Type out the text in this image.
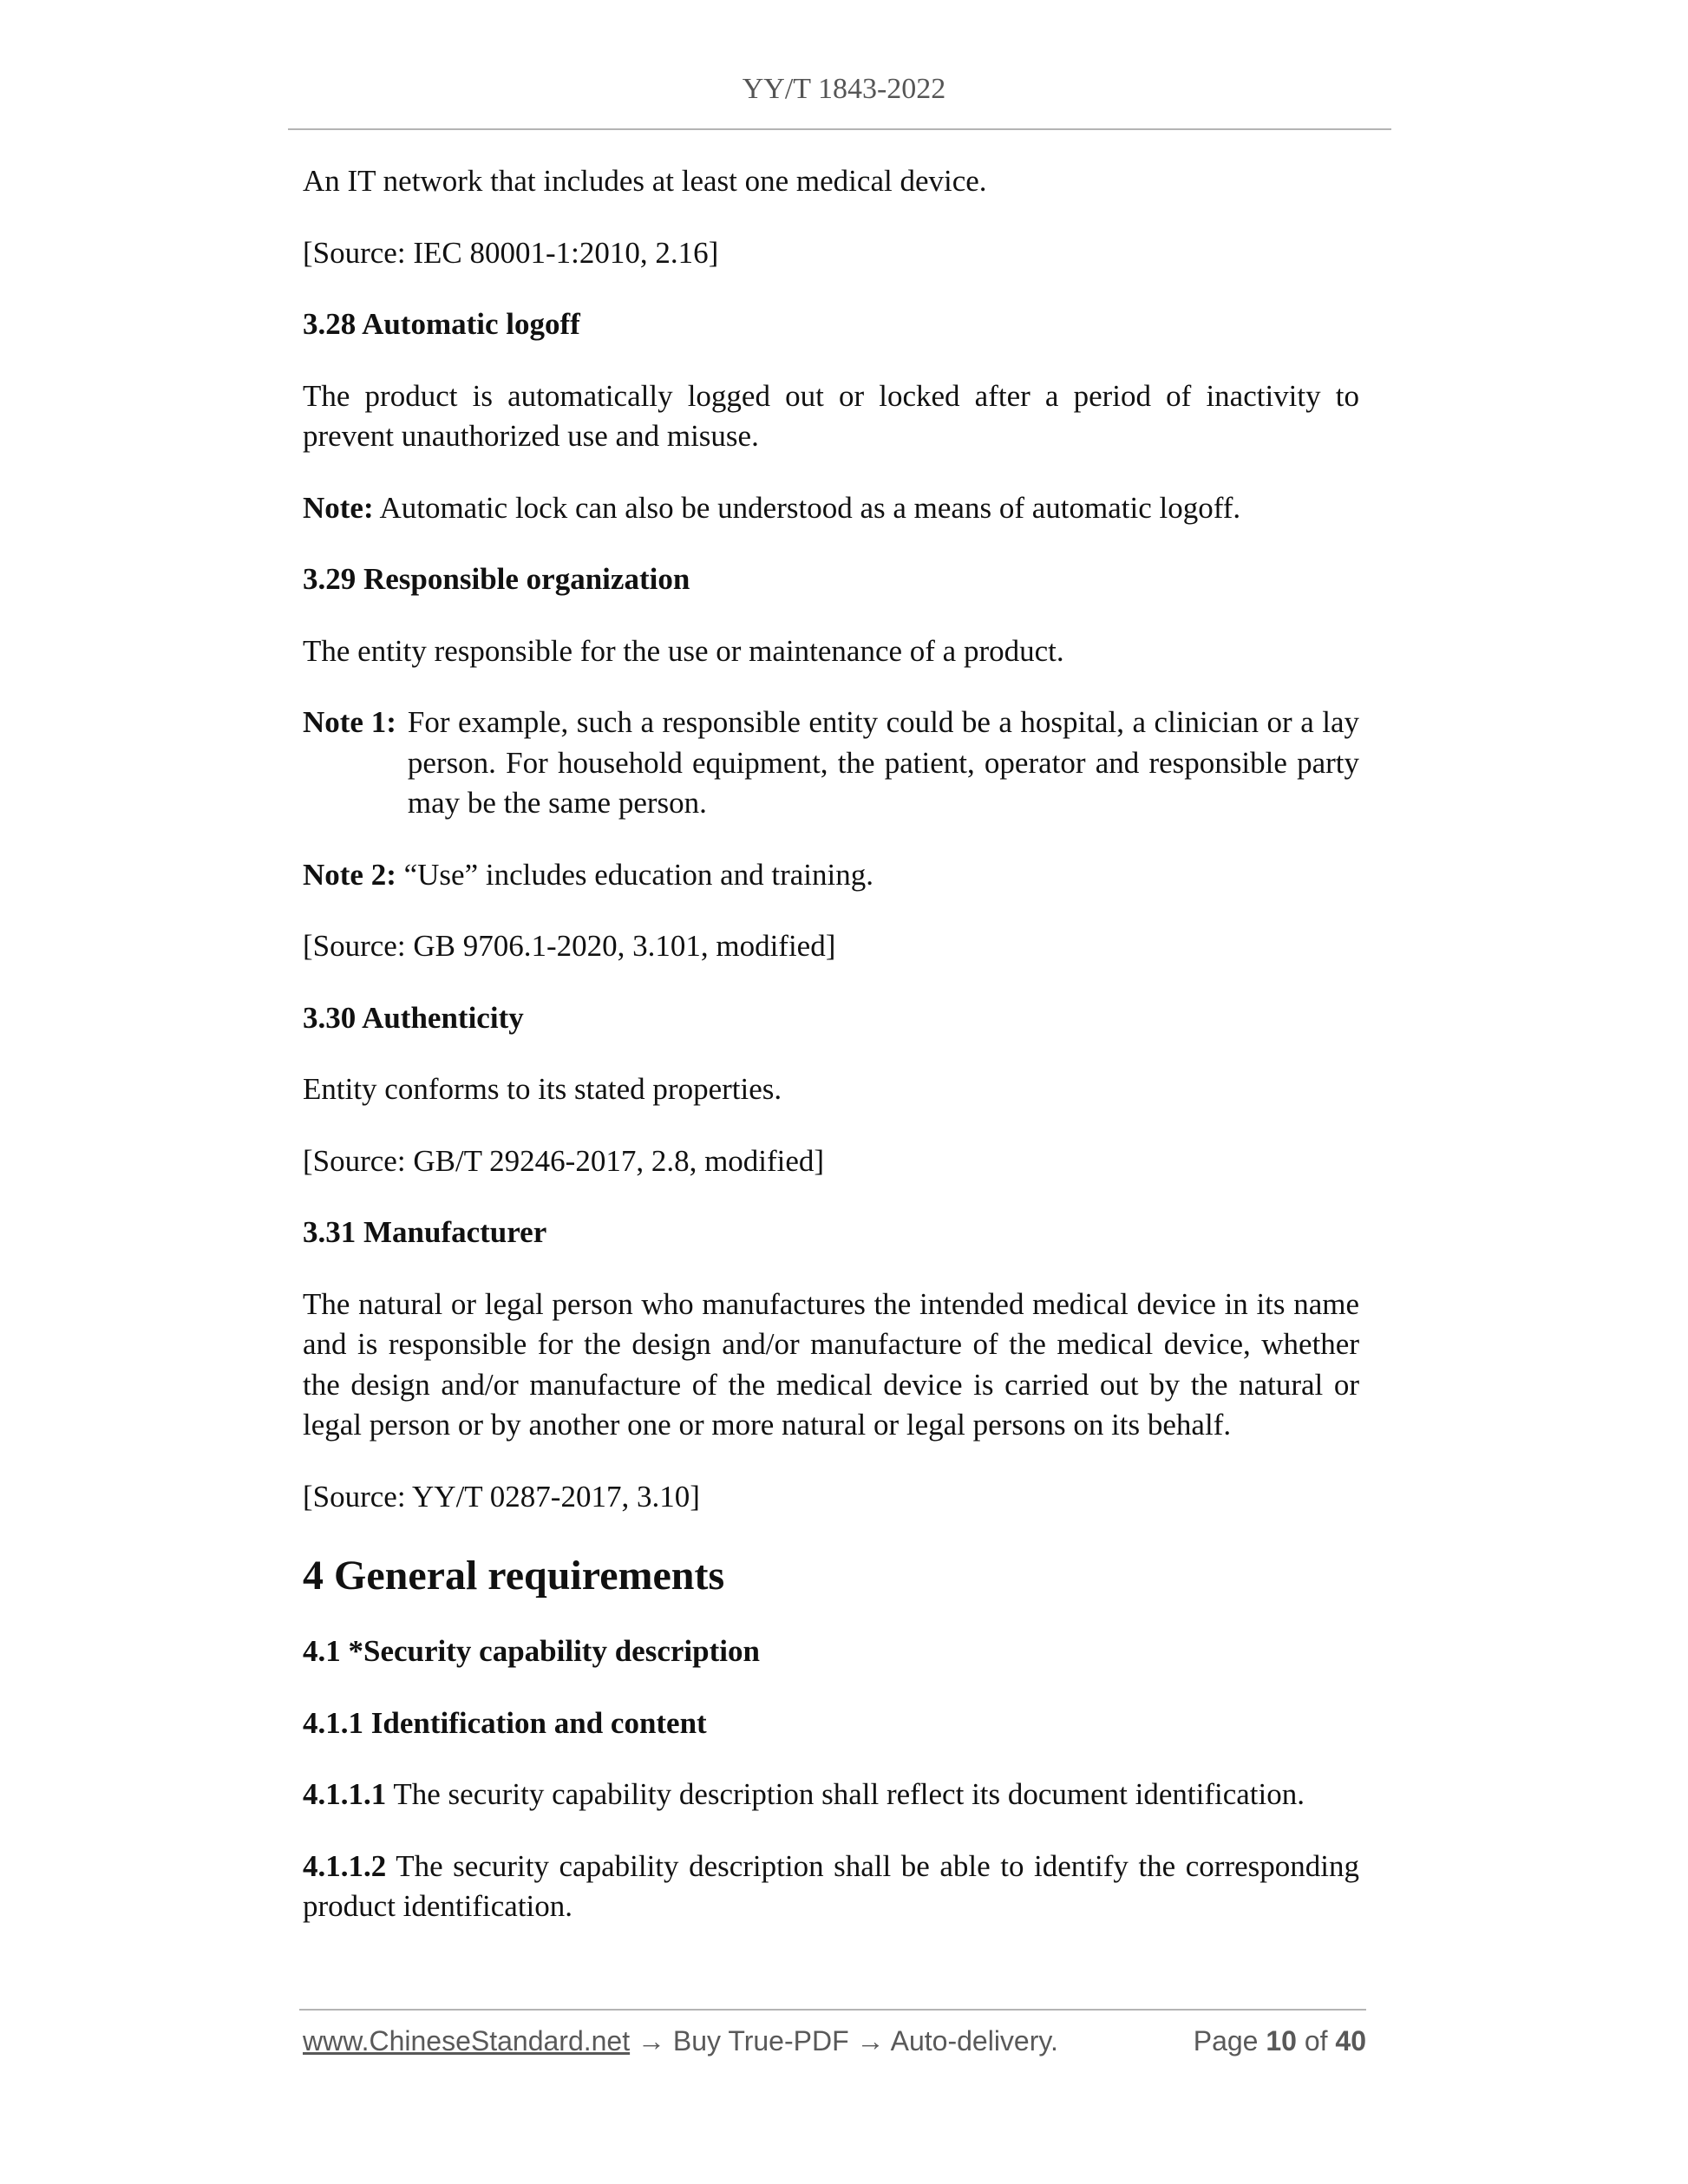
YY/T 1843-2022

An IT network that includes at least one medical device.

[Source: IEC 80001-1:2010, 2.16]

3.28 Automatic logoff

The product is automatically logged out or locked after a period of inactivity to prevent unauthorized use and misuse.

Note: Automatic lock can also be understood as a means of automatic logoff.

3.29 Responsible organization

The entity responsible for the use or maintenance of a product.

Note 1: For example, such a responsible entity could be a hospital, a clinician or a lay person. For household equipment, the patient, operator and responsible party may be the same person.

Note 2: “Use” includes education and training.

[Source: GB 9706.1-2020, 3.101, modified]

3.30 Authenticity

Entity conforms to its stated properties.

[Source: GB/T 29246-2017, 2.8, modified]

3.31 Manufacturer

The natural or legal person who manufactures the intended medical device in its name and is responsible for the design and/or manufacture of the medical device, whether the design and/or manufacture of the medical device is carried out by the natural or legal person or by another one or more natural or legal persons on its behalf.

[Source: YY/T 0287-2017, 3.10]

4 General requirements

4.1 *Security capability description

4.1.1 Identification and content

4.1.1.1 The security capability description shall reflect its document identification.

4.1.1.2 The security capability description shall be able to identify the corresponding product identification.

www.ChineseStandard.net → Buy True-PDF → Auto-delivery.	Page 10 of 40
